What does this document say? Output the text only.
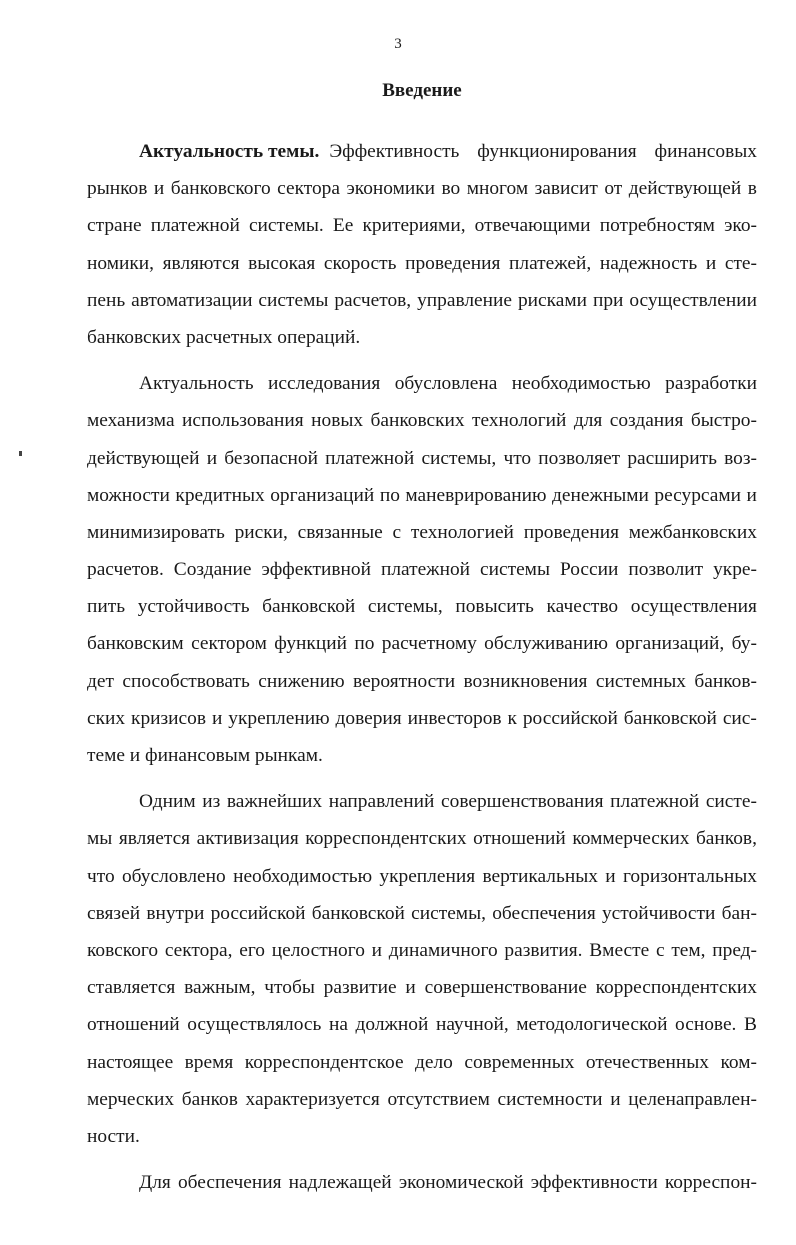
3
Введение
Актуальность темы. Эффективность функционирования финансовых
рынков и банковского сектора экономики во многом зависит от действующей в
стране платежной системы. Ее критериями, отвечающими потребностям эко-
номики, являются высокая скорость проведения платежей, надежность и сте-
пень автоматизации системы расчетов, управление рисками при осуществлении
банковских расчетных операций.
Актуальность исследования обусловлена необходимостью разработки
механизма использования новых банковских технологий для создания быстро-
действующей и безопасной платежной системы, что позволяет расширить воз-
можности кредитных организаций по маневрированию денежными ресурсами и
минимизировать риски, связанные с технологией проведения межбанковских
расчетов. Создание эффективной платежной системы России позволит укре-
пить устойчивость банковской системы, повысить качество осуществления
банковским сектором функций по расчетному обслуживанию организаций, бу-
дет способствовать снижению вероятности возникновения системных банков-
ских кризисов и укреплению доверия инвесторов к российской банковской сис-
теме и финансовым рынкам.
Одним из важнейших направлений совершенствования платежной систе-
мы является активизация корреспондентских отношений коммерческих банков,
что обусловлено необходимостью укрепления вертикальных и горизонтальных
связей внутри российской банковской системы, обеспечения устойчивости бан-
ковского сектора, его целостного и динамичного развития. Вместе с тем, пред-
ставляется важным, чтобы развитие и совершенствование корреспондентских
отношений осуществлялось на должной научной, методологической основе. В
настоящее время корреспондентское дело современных отечественных ком-
мерческих банков характеризуется отсутствием системности и целенаправлен-
ности.
Для обеспечения надлежащей экономической эффективности корреспон-
